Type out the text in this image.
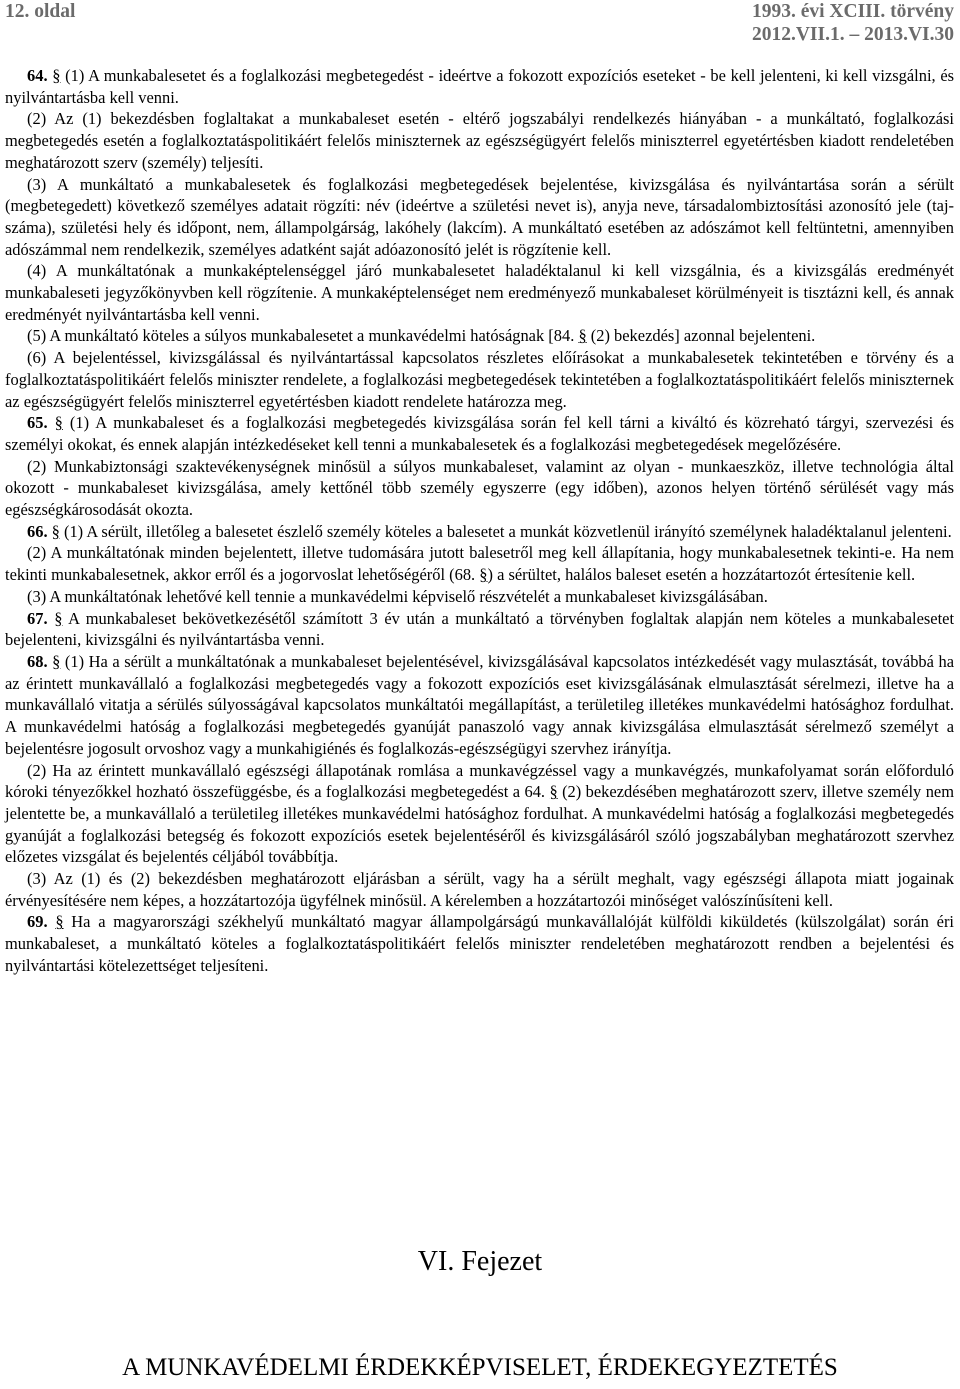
12. oldal	1993. évi XCIII. törvény
2012.VII.1. – 2013.VI.30

64. § (1) A munkabalesetet és a foglalkozási megbetegedést - ideértve a fokozott expozíciós eseteket - be kell jelenteni, ki kell vizsgálni, és nyilvántartásba kell venni.

(2) Az (1) bekezdésben foglaltakat a munkabaleset esetén - eltérő jogszabályi rendelkezés hiányában - a munkáltató, foglalkozási megbetegedés esetén a foglalkoztatáspolitikáért felelős miniszternek az egészségügyért felelős miniszterrel egyetértésben kiadott rendeletében meghatározott szerv (személy) teljesíti.

(3) A munkáltató a munkabalesetek és foglalkozási megbetegedések bejelentése, kivizsgálása és nyilvántartása során a sérült (megbetegedett) következő személyes adatait rögzíti: név (ideértve a születési nevet is), anyja neve, társadalombiztosítási azonosító jele (taj-száma), születési hely és időpont, nem, állampolgárság, lakóhely (lakcím). A munkáltató esetében az adószámot kell feltüntetni, amennyiben adószámmal nem rendelkezik, személyes adatként saját adóazonosító jelét is rögzítenie kell.

(4) A munkáltatónak a munkaképtelenséggel járó munkabalesetet haladéktalanul ki kell vizsgálnia, és a kivizsgálás eredményét munkabaleseti jegyzőkönyvben kell rögzítenie. A munkaképtelenséget nem eredményező munkabaleset körülményeit is tisztázni kell, és annak eredményét nyilvántartásba kell venni.

(5) A munkáltató köteles a súlyos munkabalesetet a munkavédelmi hatóságnak [84. § (2) bekezdés] azonnal bejelenteni.

(6) A bejelentéssel, kivizsgálással és nyilvántartással kapcsolatos részletes előírásokat a munkabalesetek tekintetében e törvény és a foglalkoztatáspolitikáért felelős miniszter rendelete, a foglalkozási megbetegedések tekintetében a foglalkoztatáspolitikáért felelős miniszternek az egészségügyért felelős miniszterrel egyetértésben kiadott rendelete határozza meg.

65. § (1) A munkabaleset és a foglalkozási megbetegedés kivizsgálása során fel kell tárni a kiváltó és közreható tárgyi, szervezési és személyi okokat, és ennek alapján intézkedéseket kell tenni a munkabalesetek és a foglalkozási megbetegedések megelőzésére.

(2) Munkabiztonsági szaktevékenységnek minősül a súlyos munkabaleset, valamint az olyan - munkaeszköz, illetve technológia által okozott - munkabaleset kivizsgálása, amely kettőnél több személy egyszerre (egy időben), azonos helyen történő sérülését vagy más egészségkárosodását okozta.

66. § (1) A sérült, illetőleg a balesetet észlelő személy köteles a balesetet a munkát közvetlenül irányító személynek haladéktalanul jelenteni.

(2) A munkáltatónak minden bejelentett, illetve tudomására jutott balesetről meg kell állapítania, hogy munkabalesetnek tekinti-e. Ha nem tekinti munkabalesetnek, akkor erről és a jogorvoslat lehetőségéről (68. §) a sérültet, halálos baleset esetén a hozzátartozót értesítenie kell.

(3) A munkáltatónak lehetővé kell tennie a munkavédelmi képviselő részvételét a munkabaleset kivizsgálásában.

67. § A munkabaleset bekövetkezésétől számított 3 év után a munkáltató a törvényben foglaltak alapján nem köteles a munkabalesetet bejelenteni, kivizsgálni és nyilvántartásba venni.

68. § (1) Ha a sérült a munkáltatónak a munkabaleset bejelentésével, kivizsgálásával kapcsolatos intézkedését vagy mulasztását, továbbá ha az érintett munkavállaló a foglalkozási megbetegedés vagy a fokozott expozíciós eset kivizsgálásának elmulasztását sérelmezi, illetve ha a munkavállaló vitatja a sérülés súlyosságával kapcsolatos munkáltatói megállapítást, a területileg illetékes munkavédelmi hatósághoz fordulhat. A munkavédelmi hatóság a foglalkozási megbetegedés gyanúját panaszoló vagy annak kivizsgálása elmulasztását sérelmező személyt a bejelentésre jogosult orvoshoz vagy a munkahigiénés és foglalkozás-egészségügyi szervhez irányítja.

(2) Ha az érintett munkavállaló egészségi állapotának romlása a munkavégzéssel vagy a munkavégzés, munkafolyamat során előforduló kóroki tényezőkkel hozható összefüggésbe, és a foglalkozási megbetegedést a 64. § (2) bekezdésében meghatározott szerv, illetve személy nem jelentette be, a munkavállaló a területileg illetékes munkavédelmi hatósághoz fordulhat. A munkavédelmi hatóság a foglalkozási megbetegedés gyanúját a foglalkozási betegség és fokozott expozíciós esetek bejelentéséről és kivizsgálásáról szóló jogszabályban meghatározott szervhez előzetes vizsgálat és bejelentés céljából továbbítja.

(3) Az (1) és (2) bekezdésben meghatározott eljárásban a sérült, vagy ha a sérült meghalt, vagy egészségi állapota miatt jogainak érvényesítésére nem képes, a hozzátartozója ügyfélnek minősül. A kérelemben a hozzátartozói minőséget valószínűsíteni kell.

69. § Ha a magyarországi székhelyű munkáltató magyar állampolgárságú munkavállalóját külföldi kiküldetés (külszolgálat) során éri munkabaleset, a munkáltató köteles a foglalkoztatáspolitikáért felelős miniszter rendeletében meghatározott rendben a bejelentési és nyilvántartási kötelezettséget teljesíteni.

VI. Fejezet
A MUNKAVÉDELMI ÉRDEKKÉPVISELET, ÉRDEKEGYEZTETÉS
